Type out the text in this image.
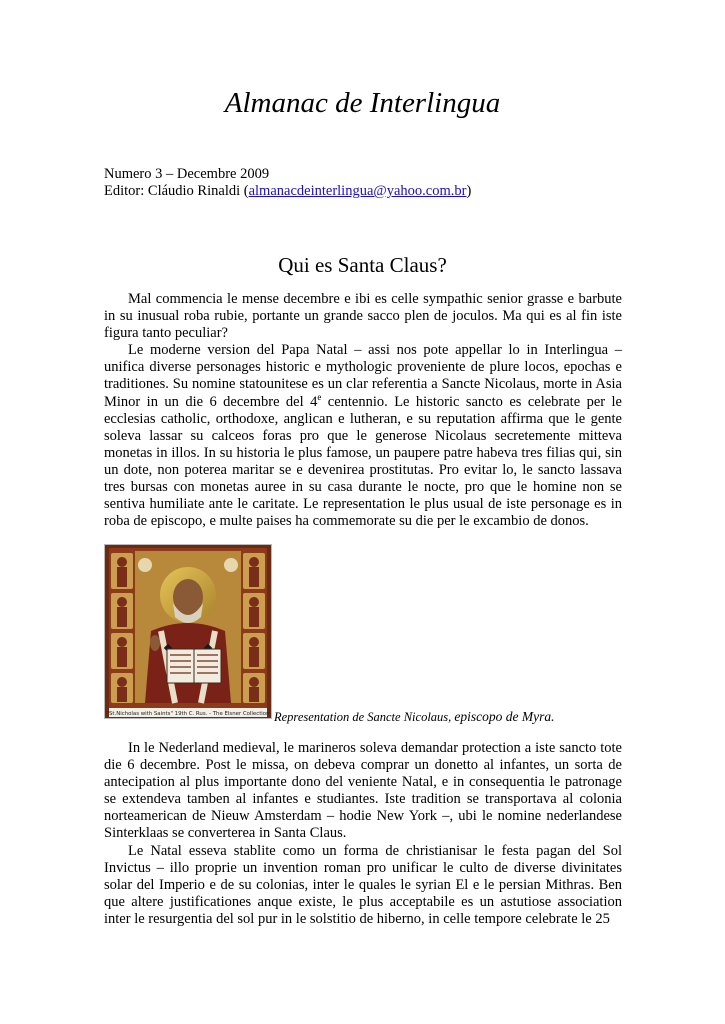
Almanac de Interlingua
Numero 3 – Decembre 2009
Editor: Cláudio Rinaldi (almanacdeinterlingua@yahoo.com.br)
Qui es Santa Claus?

Mal commencia le mense decembre e ibi es celle sympathic senior grasse e barbute in su inusual roba rubie, portante un grande sacco plen de joculos. Ma qui es al fin iste figura tanto peculiar?

Le moderne version del Papa Natal – assi nos pote appellar lo in Interlingua – unifica diverse personages historic e mythologic proveniente de plure locos, epochas e traditiones. Su nomine statounitese es un clar referentia a Sancte Nicolaus, morte in Asia Minor in un die 6 decembre del 4e centennio. Le historic sancto es celebrate per le ecclesias catholic, orthodoxe, anglican e lutheran, e su reputation affirma que le gente soleva lassar su calceos foras pro que le generose Nicolaus secretemente mitteva monetas in illos. In su historia le plus famose, un paupere patre habeva tres filias qui, sin un dote, non poterea maritar se e devenirea prostitutas. Pro evitar lo, le sancto lassava tres bursas con monetas auree in su casa durante le nocte, pro que le homine non se sentiva humiliate ante le caritate. Le representation le plus usual de iste personage es in roba de episcopo, e multe paises ha commemorate su die per le excambio de donos.

"St.Nicholas with Saints" 19th C. Rus. - The Elsner Collection Representation de Sancte Nicolaus, episcopo de Myra.

In le Nederland medieval, le marineros soleva demandar protection a iste sancto tote die 6 decembre. Post le missa, on debeva comprar un donetto al infantes, un sorta de antecipation al plus importante dono del veniente Natal, e in consequentia le patronage se extendeva tamben al infantes e studiantes. Iste tradition se transportava al colonia norteamerican de Nieuw Amsterdam – hodie New York –, ubi le nomine nederlandese Sinterklaas se converterea in Santa Claus.

Le Natal esseva stablite como un forma de christianisar le festa pagan del Sol Invictus – illo proprie un invention roman pro unificar le culto de diverse divinitates solar del Imperio e de su colonias, inter le quales le syrian El e le persian Mithras. Ben que altere justificationes anque existe, le plus acceptabile es un astutiose association inter le resurgentia del sol pur in le solstitio de hiberno, in celle tempore celebrate le 25
